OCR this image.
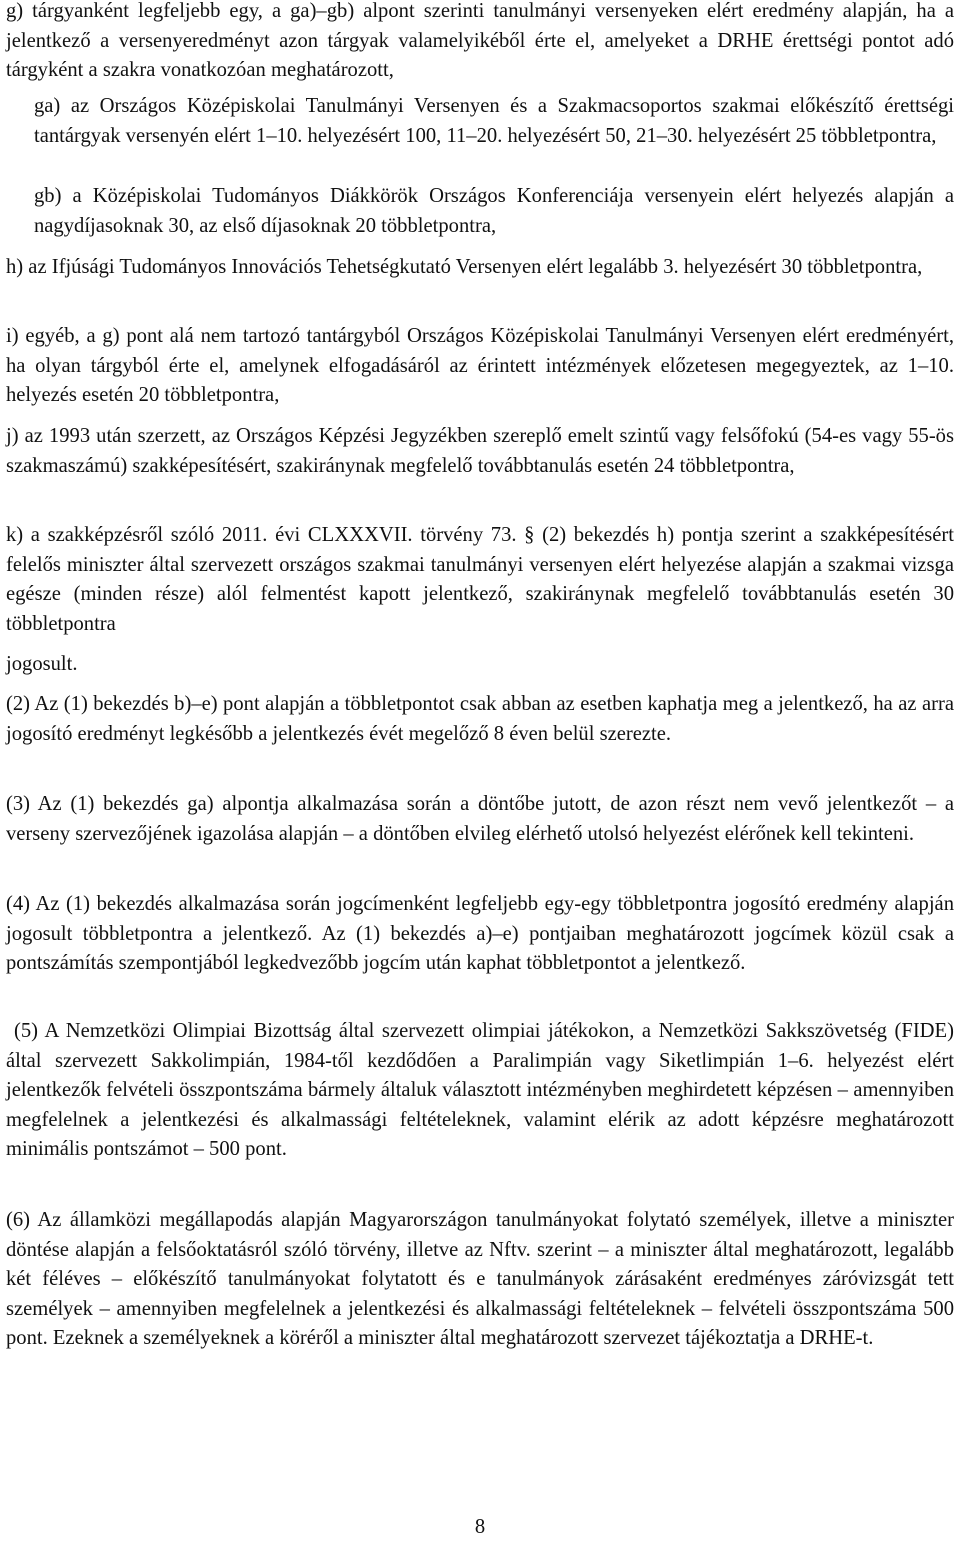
g) tárgyanként legfeljebb egy, a ga)–gb) alpont szerinti tanulmányi versenyeken elért eredmény alapján, ha a jelentkező a versenyeredményt azon tárgyak valamelyikéből érte el, amelyeket a DRHE érettségi pontot adó tárgyként a szakra vonatkozóan meghatározott,

ga) az Országos Középiskolai Tanulmányi Versenyen és a Szakmacsoportos szakmai előkészítő érettségi tantárgyak versenyén elért 1–10. helyezésért 100, 11–20. helyezésért 50, 21–30. helyezésért 25 többletpontra,

gb) a Középiskolai Tudományos Diákkörök Országos Konferenciája versenyein elért helyezés alapján a nagydíjasoknak 30, az első díjasoknak 20 többletpontra,

h) az Ifjúsági Tudományos Innovációs Tehetségkutató Versenyen elért legalább 3. helyezésért 30 többletpontra,

i) egyéb, a g) pont alá nem tartozó tantárgyból Országos Középiskolai Tanulmányi Versenyen elért eredményért, ha olyan tárgyból érte el, amelynek elfogadásáról az érintett intézmények előzetesen megegyeztek, az 1–10. helyezés esetén 20 többletpontra,

j) az 1993 után szerzett, az Országos Képzési Jegyzékben szereplő emelt szintű vagy felsőfokú (54-es vagy 55-ös szakmaszámú) szakképesítésért, szakiránynak megfelelő továbbtanulás esetén 24 többletpontra,

k) a szakképzésről szóló 2011. évi CLXXXVII. törvény 73. § (2) bekezdés h) pontja szerint a szakképesítésért felelős miniszter által szervezett országos szakmai tanulmányi versenyen elért helyezése alapján a szakmai vizsga egésze (minden része) alól felmentést kapott jelentkező, szakiránynak megfelelő továbbtanulás esetén 30 többletpontra

jogosult.

(2) Az (1) bekezdés b)–e) pont alapján a többletpontot csak abban az esetben kaphatja meg a jelentkező, ha az arra jogosító eredményt legkésőbb a jelentkezés évét megelőző 8 éven belül szerezte.

(3) Az (1) bekezdés ga) alpontja alkalmazása során a döntőbe jutott, de azon részt nem vevő jelentkezőt – a verseny szervezőjének igazolása alapján – a döntőben elvileg elérhető utolsó helyezést elérőnek kell tekinteni.

(4) Az (1) bekezdés alkalmazása során jogcímenként legfeljebb egy-egy többletpontra jogosító eredmény alapján jogosult többletpontra a jelentkező. Az (1) bekezdés a)–e) pontjaiban meghatározott jogcímek közül csak a pontszámítás szempontjából legkedvezőbb jogcím után kaphat többletpontot a jelentkező.

(5) A Nemzetközi Olimpiai Bizottság által szervezett olimpiai játékokon, a Nemzetközi Sakkszövetség (FIDE) által szervezett Sakkolimpián, 1984-től kezdődően a Paralimpián vagy Siketlimpián 1–6. helyezést elért jelentkezők felvételi összpontszáma bármely általuk választott intézményben meghirdetett képzésen – amennyiben megfelelnek a jelentkezési és alkalmassági feltételeknek, valamint elérik az adott képzésre meghatározott minimális pontszámot – 500 pont.

(6) Az államközi megállapodás alapján Magyarországon tanulmányokat folytató személyek, illetve a miniszter döntése alapján a felsőoktatásról szóló törvény, illetve az Nftv. szerint – a miniszter által meghatározott, legalább két féléves – előkészítő tanulmányokat folytatott és e tanulmányok zárásaként eredményes záróvizsgát tett személyek – amennyiben megfelelnek a jelentkezési és alkalmassági feltételeknek – felvételi összpontszáma 500 pont. Ezeknek a személyeknek a köréről a miniszter által meghatározott szervezet tájékoztatja a DRHE-t.

8
